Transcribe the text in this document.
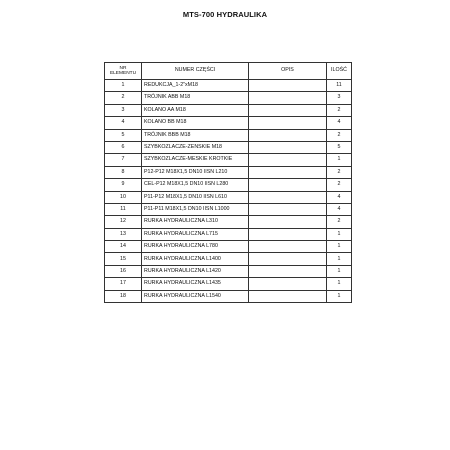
MTS-700 HYDRAULIKA
NR ELEMENTU	NUMER CZĘŚCI	OPIS	ILOŚĆ
1	REDUKCJA_1-2"xM18		11
2	TRÓJNIK ABB M18		3
3	KOLANO AA M18		2
4	KOLANO BB M18		4
5	TRÓJNIK BBB M18		2
6	SZYBKOZLACZE-ZENSKIE M18		5
7	SZYBKOZLACZE-MESKIE KROTKIE		1
8	P12-P12 M18X1,5 DN10 IISN L210		2
9	CEL-P12 M18X1,5 DN10 IISN L280		2
10	P11-P12 M18X1,5 DN10 IISN L610		4
11	P11-P11 M18X1,5 DN10 IISN L1000		4
12	RURKA HYDRAULICZNA L310		2
13	RURKA HYDRAULICZNA L715		1
14	RURKA HYDRAULICZNA L780		1
15	RURKA HYDRAULICZNA L1400		1
16	RURKA HYDRAULICZNA L1420		1
17	RURKA HYDRAULICZNA L1435		1
18	RURKA HYDRAULICZNA L1540		1
